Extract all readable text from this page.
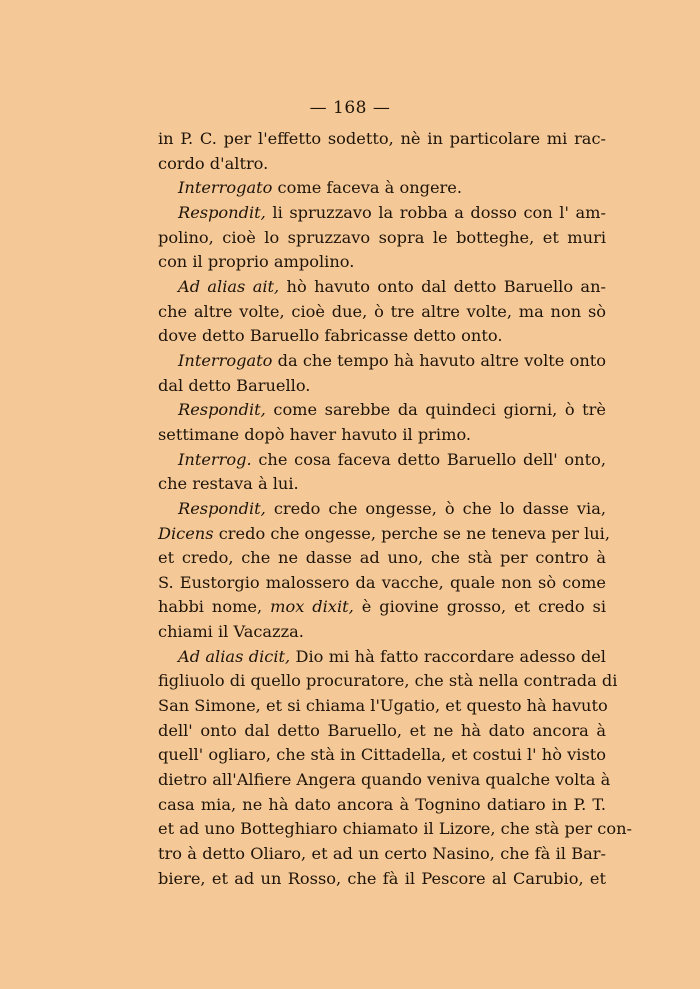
— 168 —
in P. C. per l'effetto sodetto, nè in particolare mi rac-
cordo d'altro.
Interrogato come faceva à ongere.
Respondit, li spruzzavo la robba a dosso con l' am-
polino, cioè lo spruzzavo sopra le botteghe, et muri
con il proprio ampolino.
Ad alias ait, hò havuto onto dal detto Baruello an-
che altre volte, cioè due, ò tre altre volte, ma non sò
dove detto Baruello fabricasse detto onto.
Interrogato da che tempo hà havuto altre volte onto
dal detto Baruello.
Respondit, come sarebbe da quindeci giorni, ò trè
settimane dopò haver havuto il primo.
Interrog. che cosa faceva detto Baruello dell' onto,
che restava à lui.
Respondit, credo che ongesse, ò che lo dasse via,
Dicens credo che ongesse, perche se ne teneva per lui,
et credo, che ne dasse ad uno, che stà per contro à
S. Eustorgio malossero da vacche, quale non sò come
habbi nome, mox dixit, è giovine grosso, et credo si
chiami il Vacazza.
Ad alias dicit, Dio mi hà fatto raccordare adesso del
figliuolo di quello procuratore, che stà nella contrada di
San Simone, et si chiama l'Ugatio, et questo hà havuto
dell' onto dal detto Baruello, et ne hà dato ancora à
quell' ogliaro, che stà in Cittadella, et costui l' hò visto
dietro all'Alfiere Angera quando veniva qualche volta à
casa mia, ne hà dato ancora à Tognino datiaro in P. T.
et ad uno Botteghiaro chiamato il Lizore, che stà per con-
tro à detto Oliaro, et ad un certo Nasino, che fà il Bar-
biere, et ad un Rosso, che fà il Pescore al Carubio, et
